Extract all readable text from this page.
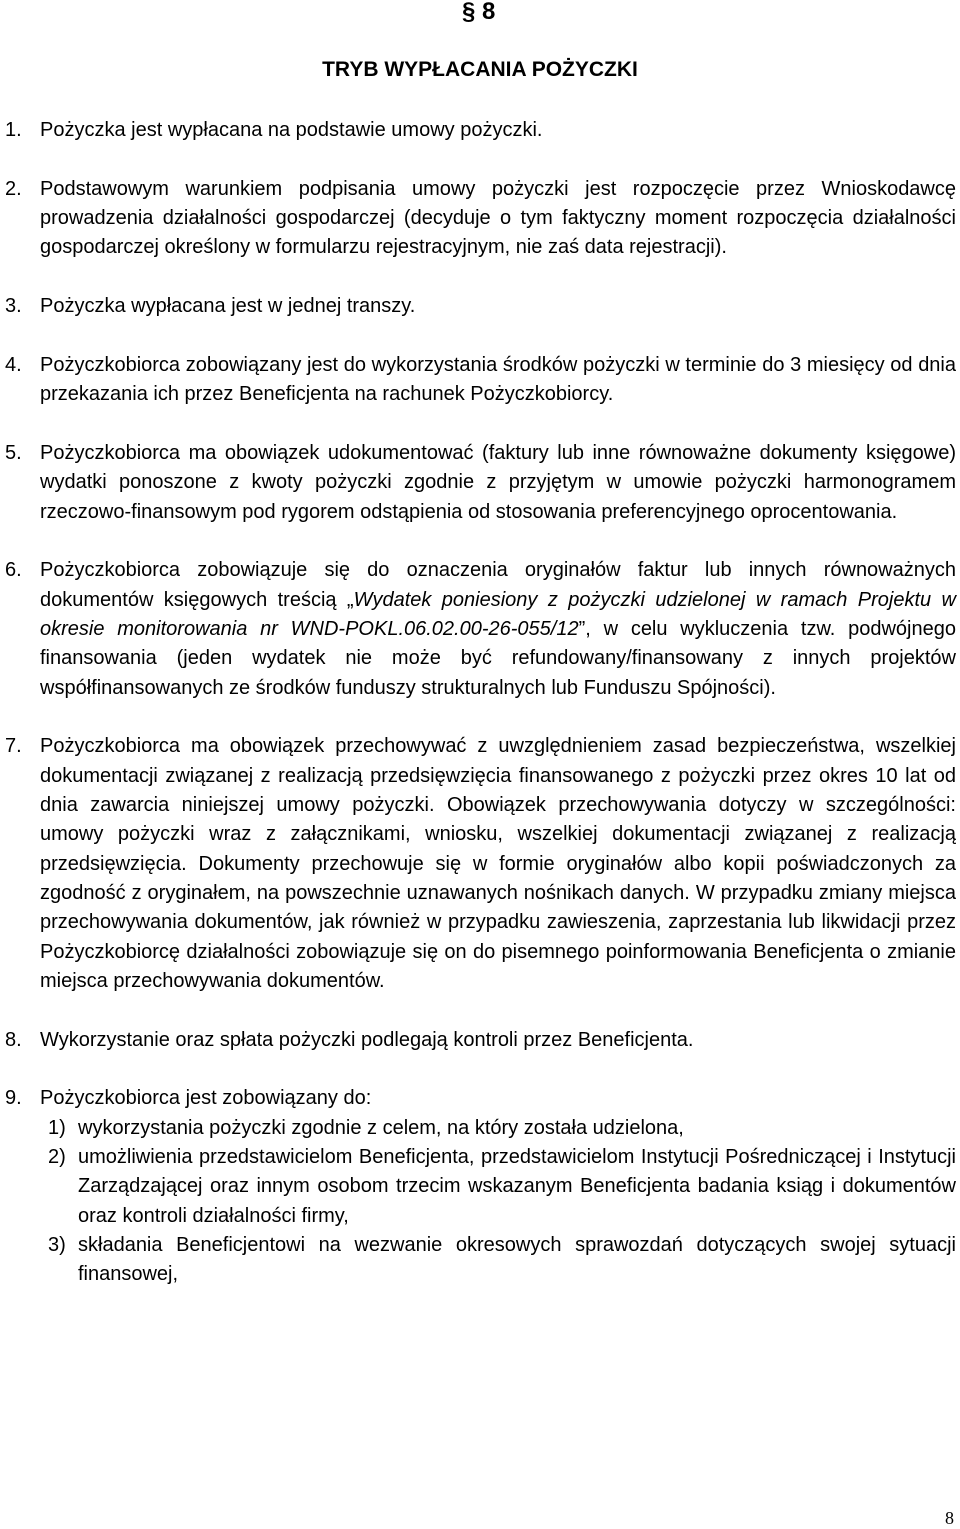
§ 8
TRYB WYPŁACANIA POŻYCZKI
1. Pożyczka jest wypłacana na podstawie umowy pożyczki.
2. Podstawowym warunkiem podpisania umowy pożyczki jest rozpoczęcie przez Wnioskodawcę prowadzenia działalności gospodarczej (decyduje o tym faktyczny moment rozpoczęcia działalności gospodarczej określony w formularzu rejestracyjnym, nie zaś data rejestracji).
3. Pożyczka wypłacana jest w jednej transzy.
4. Pożyczkobiorca zobowiązany jest do wykorzystania środków pożyczki w terminie do 3 miesięcy od dnia przekazania ich przez Beneficjenta na rachunek Pożyczkobiorcy.
5. Pożyczkobiorca ma obowiązek udokumentować (faktury lub inne równoważne dokumenty księgowe) wydatki ponoszone z kwoty pożyczki zgodnie z przyjętym w umowie pożyczki harmonogramem rzeczowo-finansowym pod rygorem odstąpienia od stosowania preferencyjnego oprocentowania.
6. Pożyczkobiorca zobowiązuje się do oznaczenia oryginałów faktur lub innych równoważnych dokumentów księgowych treścią „Wydatek poniesiony z pożyczki udzielonej w ramach Projektu w okresie monitorowania nr WND-POKL.06.02.00-26-055/12”, w celu wykluczenia tzw. podwójnego finansowania (jeden wydatek nie może być refundowany/finansowany z innych projektów współfinansowanych ze środków funduszy strukturalnych lub Funduszu Spójności).
7. Pożyczkobiorca ma obowiązek przechowywać z uwzględnieniem zasad bezpieczeństwa, wszelkiej dokumentacji związanej z realizacją przedsięwzięcia finansowanego z pożyczki przez okres 10 lat od dnia zawarcia niniejszej umowy pożyczki. Obowiązek przechowywania dotyczy w szczególności: umowy pożyczki wraz z załącznikami, wniosku, wszelkiej dokumentacji związanej z realizacją przedsięwzięcia. Dokumenty przechowuje się w formie oryginałów albo kopii poświadczonych za zgodność z oryginałem, na powszechnie uznawanych nośnikach danych. W przypadku zmiany miejsca przechowywania dokumentów, jak również w przypadku zawieszenia, zaprzestania lub likwidacji przez Pożyczkobiorcę działalności zobowiązuje się on do pisemnego poinformowania Beneficjenta o zmianie miejsca przechowywania dokumentów.
8. Wykorzystanie oraz spłata pożyczki podlegają kontroli przez Beneficjenta.
9. Pożyczkobiorca jest zobowiązany do:
1) wykorzystania pożyczki zgodnie z celem, na który została udzielona,
2) umożliwienia przedstawicielom Beneficjenta, przedstawicielom Instytucji Pośredniczącej i Instytucji Zarządzającej oraz innym osobom trzecim wskazanym Beneficjenta badania ksiąg i dokumentów oraz kontroli działalności firmy,
3) składania Beneficjentowi na wezwanie okresowych sprawozdań dotyczących swojej sytuacji finansowej,
8
